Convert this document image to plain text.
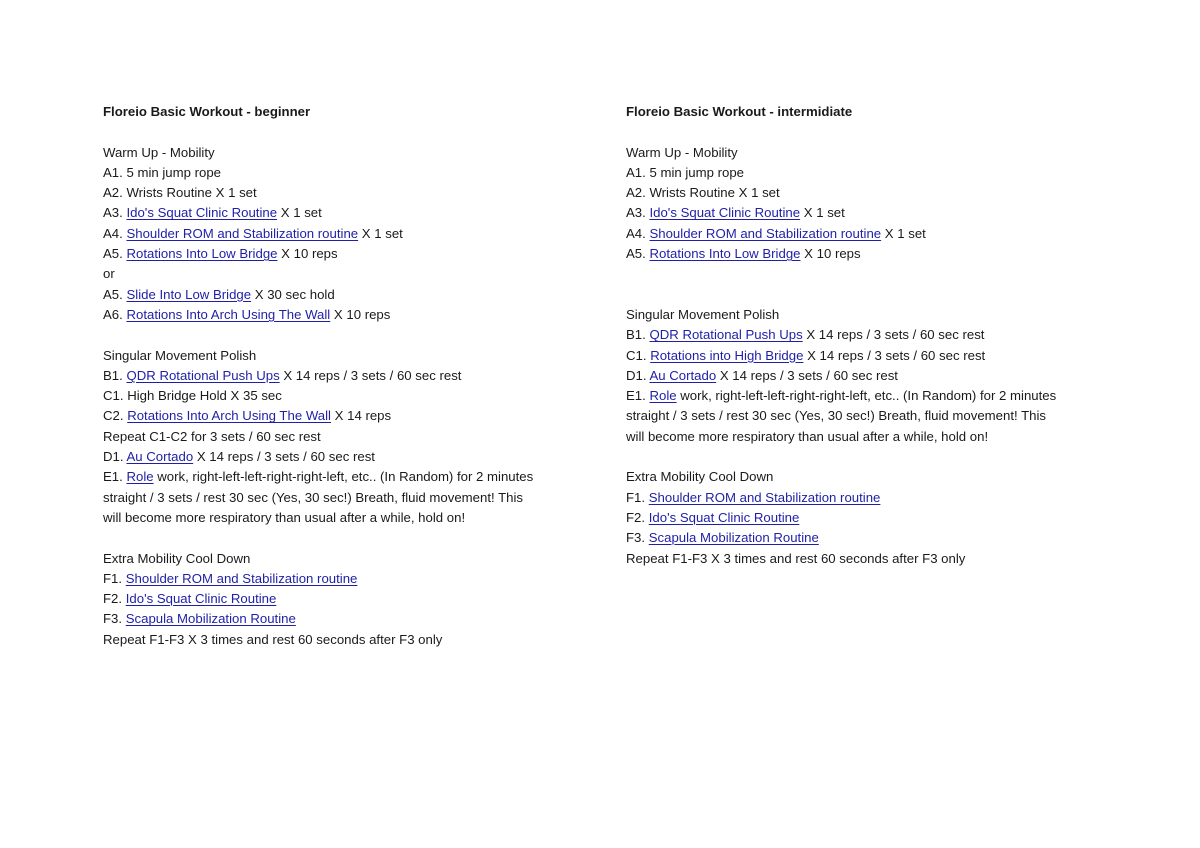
Floreio Basic Workout - beginner
Warm Up - Mobility
A1. 5 min jump rope
A2. Wrists Routine X 1 set
A3. Ido's Squat Clinic Routine X 1 set
A4. Shoulder ROM and Stabilization routine X 1 set
A5. Rotations Into Low Bridge X 10 reps
or
A5. Slide Into Low Bridge X 30 sec hold
A6. Rotations Into Arch Using The Wall X 10 reps
Singular Movement Polish
B1. QDR Rotational Push Ups X 14 reps / 3 sets / 60 sec rest
C1. High Bridge Hold X 35 sec
C2. Rotations Into Arch Using The Wall X 14 reps
Repeat C1-C2 for 3 sets / 60 sec rest
D1. Au Cortado X 14 reps / 3 sets / 60 sec rest
E1. Role work, right-left-left-right-right-left, etc.. (In Random) for 2 minutes
straight / 3 sets / rest 30 sec (Yes, 30 sec!) Breath, fluid movement! This
will become more respiratory than usual after a while, hold on!
Extra Mobility Cool Down
F1. Shoulder ROM and Stabilization routine
F2. Ido's Squat Clinic Routine
F3. Scapula Mobilization Routine
Repeat F1-F3 X 3 times and rest 60 seconds after F3 only
Floreio Basic Workout - intermidiate
Warm Up - Mobility
A1. 5 min jump rope
A2. Wrists Routine X 1 set
A3. Ido's Squat Clinic Routine X 1 set
A4. Shoulder ROM and Stabilization routine X 1 set
A5. Rotations Into Low Bridge X 10 reps
Singular Movement Polish
B1. QDR Rotational Push Ups X 14 reps / 3 sets / 60 sec rest
C1. Rotations into High Bridge X 14 reps / 3 sets / 60 sec rest
D1. Au Cortado X 14 reps / 3 sets / 60 sec rest
E1. Role work, right-left-left-right-right-left, etc.. (In Random) for 2 minutes
straight / 3 sets / rest 30 sec (Yes, 30 sec!) Breath, fluid movement! This
will become more respiratory than usual after a while, hold on!
Extra Mobility Cool Down
F1. Shoulder ROM and Stabilization routine
F2. Ido's Squat Clinic Routine
F3. Scapula Mobilization Routine
Repeat F1-F3 X 3 times and rest 60 seconds after F3 only
